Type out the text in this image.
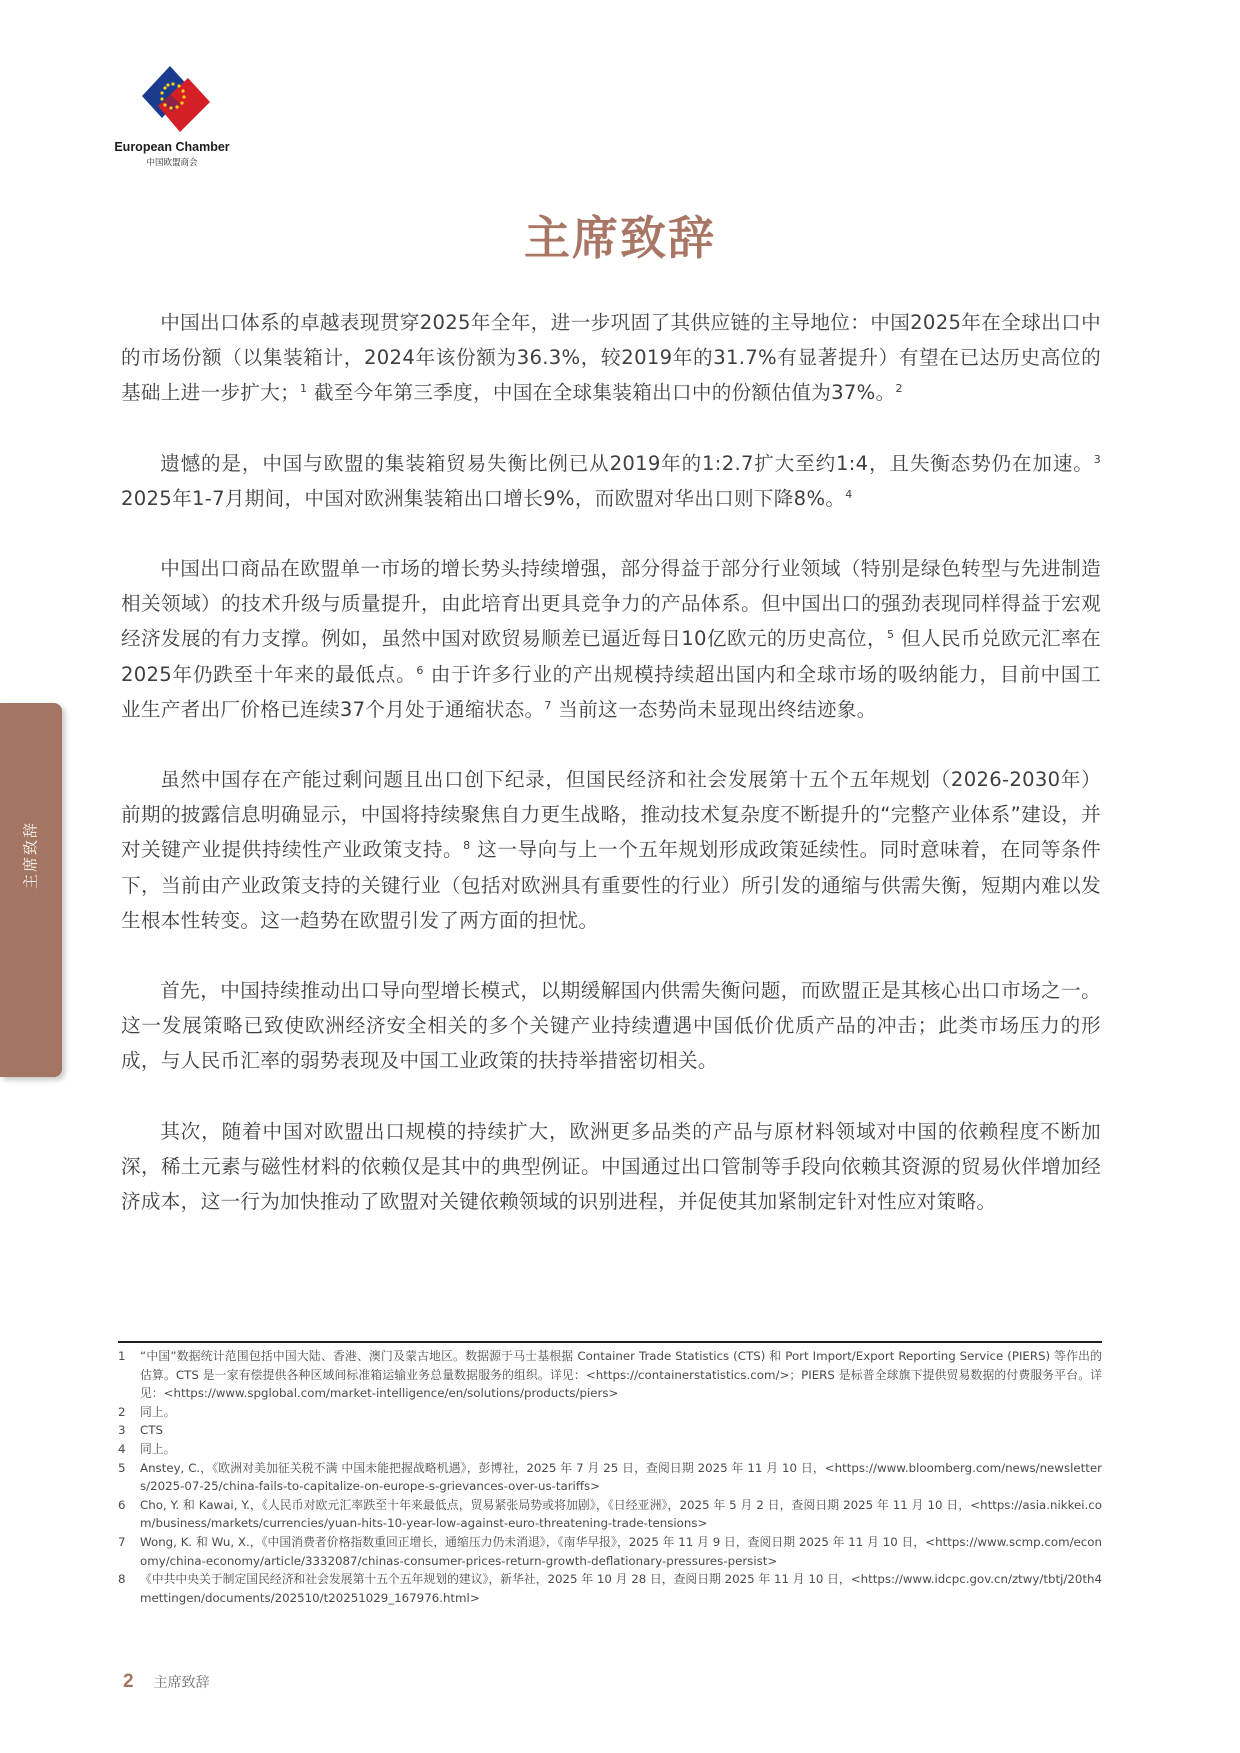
European Chamber
中国欧盟商会
主席致辞
主席致辞

中国出口体系的卓越表现贯穿2025年全年，进一步巩固了其供应链的主导地位：中国2025年在全球出口中的市场份额（以集装箱计，2024年该份额为36.3%，较2019年的31.7%有显著提升）有望在已达历史高位的基础上进一步扩大；$^1$ 截至今年第三季度，中国在全球集装箱出口中的份额估值为37%。$^2$

遗憾的是，中国与欧盟的集装箱贸易失衡比例已从2019年的1:2.7扩大至约1:4，且失衡态势仍在加速。$^3$ 2025年1-7月期间，中国对欧洲集装箱出口增长9%，而欧盟对华出口则下降8%。$^4$

中国出口商品在欧盟单一市场的增长势头持续增强，部分得益于部分行业领域（特别是绿色转型与先进制造相关领域）的技术升级与质量提升，由此培育出更具竞争力的产品体系。但中国出口的强劲表现同样得益于宏观经济发展的有力支撑。例如，虽然中国对欧贸易顺差已逼近每日10亿欧元的历史高位，$^5$ 但人民币兑欧元汇率在2025年仍跌至十年来的最低点。$^6$ 由于许多行业的产出规模持续超出国内和全球市场的吸纳能力，目前中国工业生产者出厂价格已连续37个月处于通缩状态。$^7$ 当前这一态势尚未显现出终结迹象。

虽然中国存在产能过剩问题且出口创下纪录，但国民经济和社会发展第十五个五年规划（2026-2030年）前期的披露信息明确显示，中国将持续聚焦自力更生战略，推动技术复杂度不断提升的“完整产业体系”建设，并对关键产业提供持续性产业政策支持。$^8$ 这一导向与上一个五年规划形成政策延续性。同时意味着，在同等条件下，当前由产业政策支持的关键行业（包括对欧洲具有重要性的行业）所引发的通缩与供需失衡，短期内难以发生根本性转变。这一趋势在欧盟引发了两方面的担忧。

首先，中国持续推动出口导向型增长模式，以期缓解国内供需失衡问题，而欧盟正是其核心出口市场之一。这一发展策略已致使欧洲经济安全相关的多个关键产业持续遭遇中国低价优质产品的冲击；此类市场压力的形成，与人民币汇率的弱势表现及中国工业政策的扶持举措密切相关。

其次，随着中国对欧盟出口规模的持续扩大，欧洲更多品类的产品与原材料领域对中国的依赖程度不断加深，稀土元素与磁性材料的依赖仅是其中的典型例证。中国通过出口管制等手段向依赖其资源的贸易伙伴增加经济成本，这一行为加快推动了欧盟对关键依赖领域的识别进程，并促使其加紧制定针对性应对策略。

1	“中国”数据统计范围包括中国大陆、香港、澳门及蒙古地区。数据源于马士基根据 Container Trade Statistics (CTS) 和 Port Import/Export Reporting Service (PIERS) 等作出的估算。CTS 是一家有偿提供各种区域间标准箱运输业务总量数据服务的组织。详见：<https://containerstatistics.com/>；PIERS 是标普全球旗下提供贸易数据的付费服务平台。详见：<https://www.spglobal.com/market-intelligence/en/solutions/products/piers>
2	同上。
3	CTS
4	同上。
5	Anstey, C.，《欧洲对美加征关税不满 中国未能把握战略机遇》，彭博社，2025 年 7 月 25 日，查阅日期 2025 年 11 月 10 日，<https://www.bloomberg.com/news/newsletters/2025-07-25/china-fails-to-capitalize-on-europe-s-grievances-over-us-tariffs>
6	Cho, Y. 和 Kawai, Y.，《人民币对欧元汇率跌至十年来最低点，贸易紧张局势或将加剧》，《日经亚洲》，2025 年 5 月 2 日，查阅日期 2025 年 11 月 10 日，<https://asia.nikkei.com/business/markets/currencies/yuan-hits-10-year-low-against-euro-threatening-trade-tensions>
7	Wong, K. 和 Wu, X.，《中国消费者价格指数重回正增长，通缩压力仍未消退》，《南华早报》，2025 年 11 月 9 日，查阅日期 2025 年 11 月 10 日，<https://www.scmp.com/economy/china-economy/article/3332087/chinas-consumer-prices-return-growth-deflationary-pressures-persist>
8	《中共中央关于制定国民经济和社会发展第十五个五年规划的建议》，新华社，2025 年 10 月 28 日，查阅日期 2025 年 11 月 10 日，<https://www.idcpc.gov.cn/ztwy/tbtj/20th4mettingen/documents/202510/t20251029_167976.html>
2 主席致辞
